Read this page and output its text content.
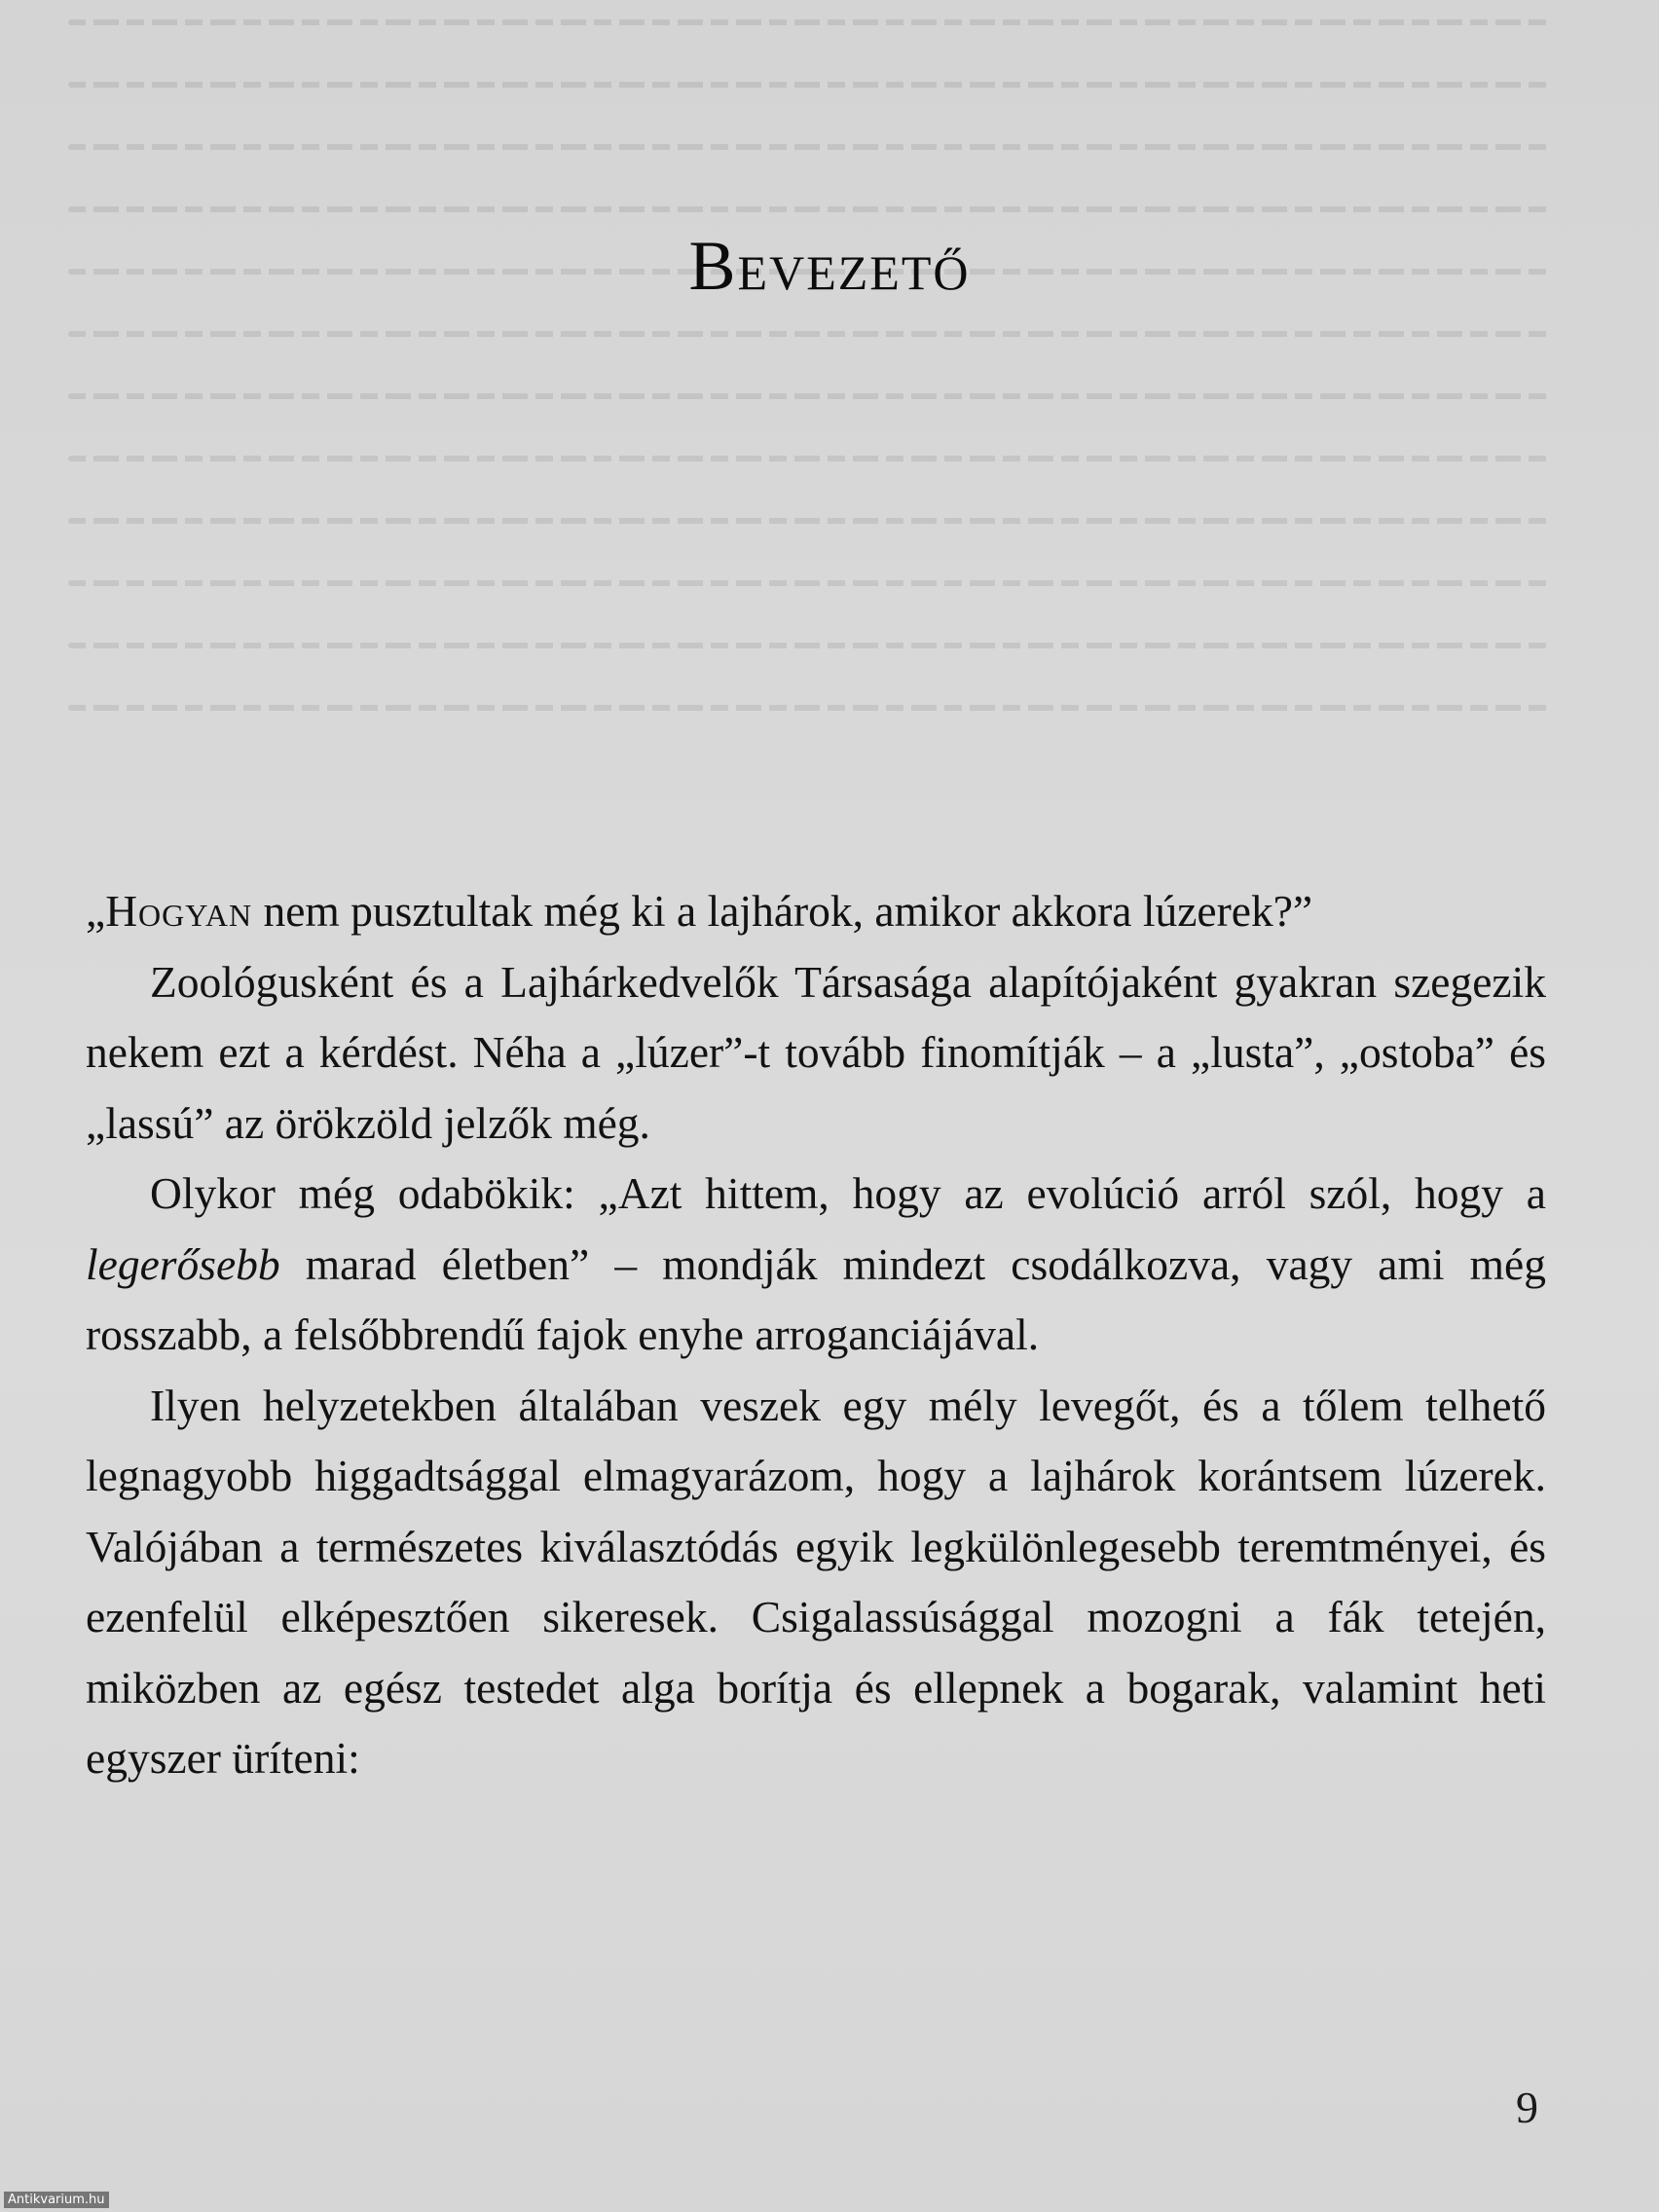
Bevezető

„Hogyan nem pusztultak még ki a lajhárok, amikor akkora lúzerek?”

Zoológusként és a Lajhárkedvelők Társasága alapítójaként gyakran szegezik nekem ezt a kérdést. Néha a „lúzer”-t tovább finomítják – a „lusta”, „ostoba” és „lassú” az örökzöld jelzők még.

Olykor még odabökik: „Azt hittem, hogy az evolúció arról szól, hogy a legerősebb marad életben” – mondják mindezt csodálkozva, vagy ami még rosszabb, a felsőbbrendű fajok enyhe arroganciájával.

Ilyen helyzetekben általában veszek egy mély levegőt, és a tőlem telhető legnagyobb higgadtsággal elmagyarázom, hogy a lajhárok korántsem lúzerek. Valójában a természetes kiválasztódás egyik legkülönlegesebb teremtményei, és ezenfelül elképesztően sikeresek. Csigalassúsággal mozogni a fák tetején, miközben az egész testedet alga borítja és ellepnek a bogarak, valamint heti egyszer üríteni:

9
Antikvarium.hu
